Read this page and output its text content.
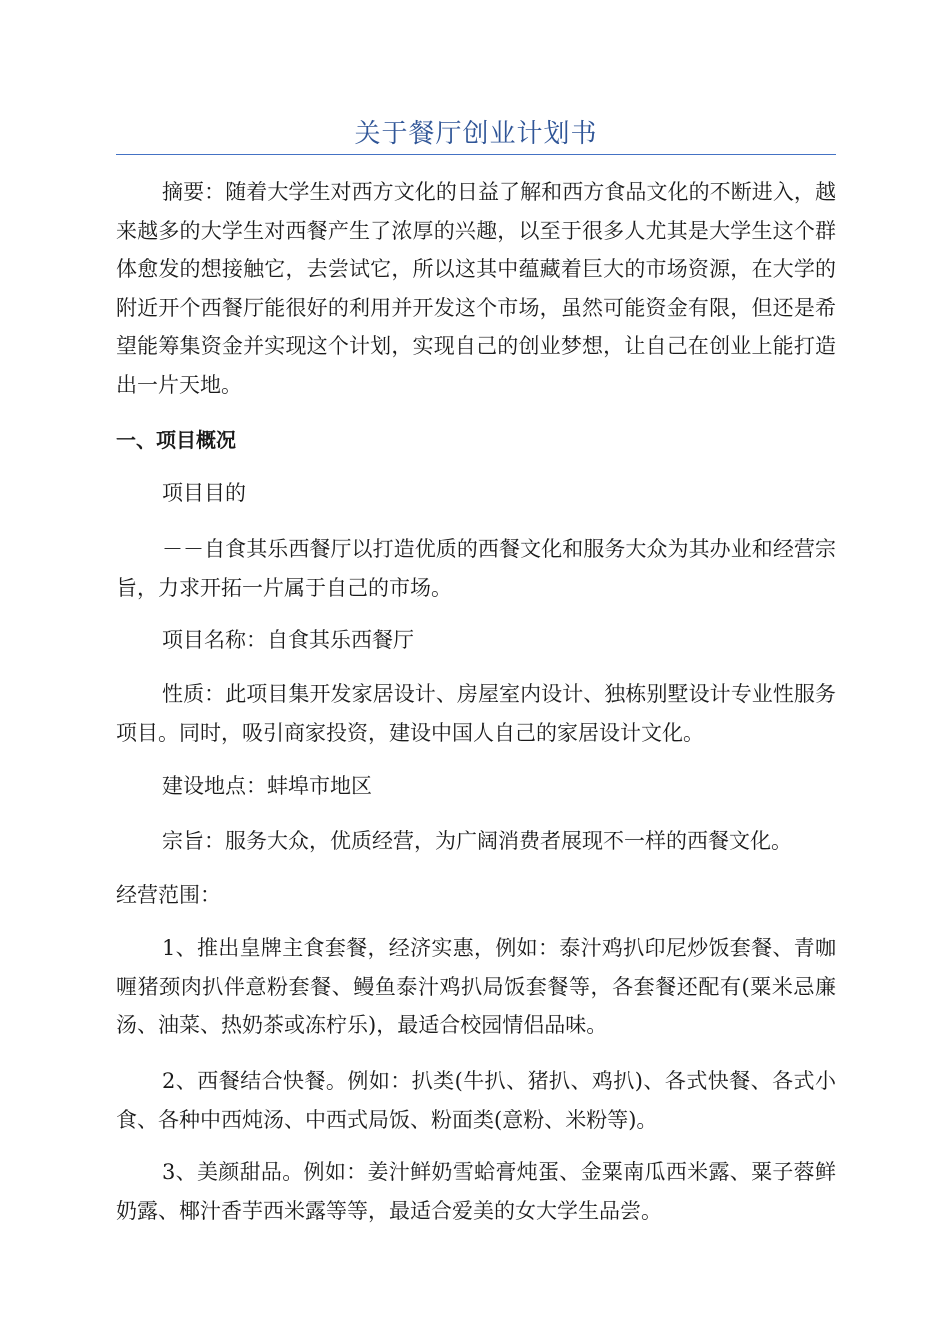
关于餐厅创业计划书

摘要：随着大学生对西方文化的日益了解和西方食品文化的不断进入，越来越多的大学生对西餐产生了浓厚的兴趣，以至于很多人尤其是大学生这个群体愈发的想接触它，去尝试它，所以这其中蕴藏着巨大的市场资源，在大学的附近开个西餐厅能很好的利用并开发这个市场，虽然可能资金有限，但还是希望能筹集资金并实现这个计划，实现自己的创业梦想，让自己在创业上能打造出一片天地。

一、项目概况

项目目的

－－自食其乐西餐厅以打造优质的西餐文化和服务大众为其办业和经营宗旨，力求开拓一片属于自己的市场。

项目名称：自食其乐西餐厅

性质：此项目集开发家居设计、房屋室内设计、独栋别墅设计专业性服务项目。同时，吸引商家投资，建设中国人自己的家居设计文化。

建设地点：蚌埠市地区

宗旨：服务大众，优质经营，为广阔消费者展现不一样的西餐文化。

经营范围：

1、推出皇牌主食套餐，经济实惠，例如：泰汁鸡扒印尼炒饭套餐、青咖喱猪颈肉扒伴意粉套餐、鳗鱼泰汁鸡扒局饭套餐等，各套餐还配有(粟米忌廉汤、油菜、热奶茶或冻柠乐)，最适合校园情侣品味。

2、西餐结合快餐。例如：扒类(牛扒、猪扒、鸡扒)、各式快餐、各式小食、各种中西炖汤、中西式局饭、粉面类(意粉、米粉等)。

3、美颜甜品。例如：姜汁鲜奶雪蛤膏炖蛋、金粟南瓜西米露、粟子蓉鲜奶露、椰汁香芋西米露等等，最适合爱美的女大学生品尝。
